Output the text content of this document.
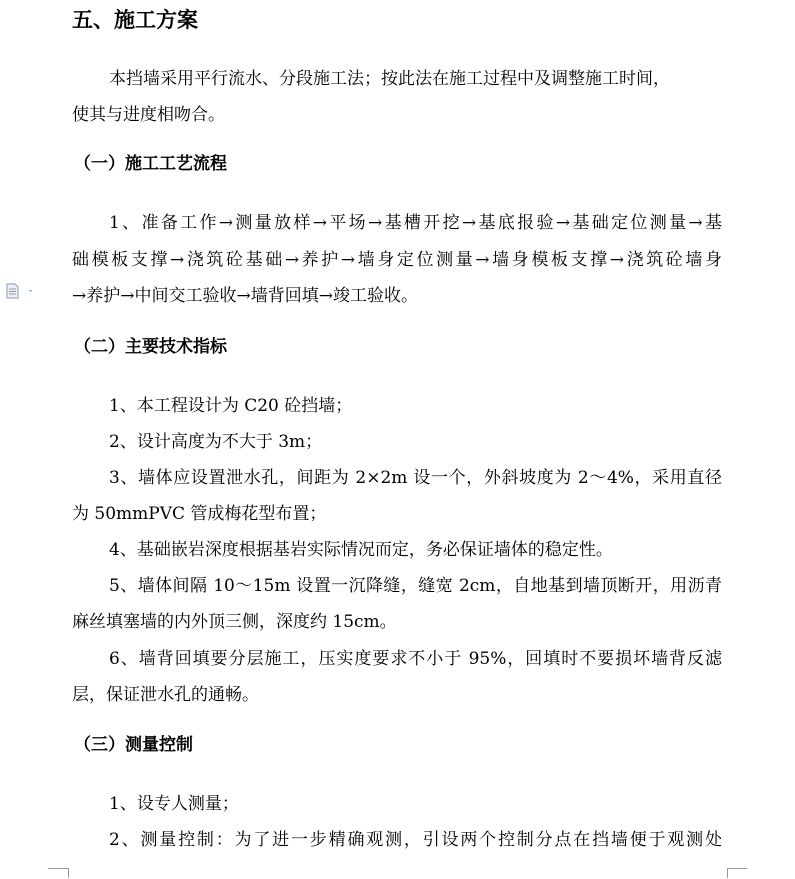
五、施工方案

本挡墙采用平行流水、分段施工法；按此法在施工过程中及调整施工时间，

使其与进度相吻合。

（一）施工工艺流程

1、准备工作→测量放样→平场→基槽开挖→基底报验→基础定位测量→基

础模板支撑→浇筑砼基础→养护→墙身定位测量→墙身模板支撑→浇筑砼墙身

→养护→中间交工验收→墙背回填→竣工验收。

（二）主要技术指标

1、本工程设计为 C20 砼挡墙；

2、设计高度为不大于 3m；

3、墙体应设置泄水孔，间距为 2×2m 设一个，外斜坡度为 2～4%，采用直径

为 50mmPVC 管成梅花型布置；

4、基础嵌岩深度根据基岩实际情况而定，务必保证墙体的稳定性。

5、墙体间隔 10～15m 设置一沉降缝，缝宽 2cm，自地基到墙顶断开，用沥青

麻丝填塞墙的内外顶三侧，深度约 15cm。

6、墙背回填要分层施工，压实度要求不小于 95%，回填时不要损坏墙背反滤

层，保证泄水孔的通畅。

（三）测量控制

1、设专人测量；

2、测量控制：为了进一步精确观测，引设两个控制分点在挡墙便于观测处
